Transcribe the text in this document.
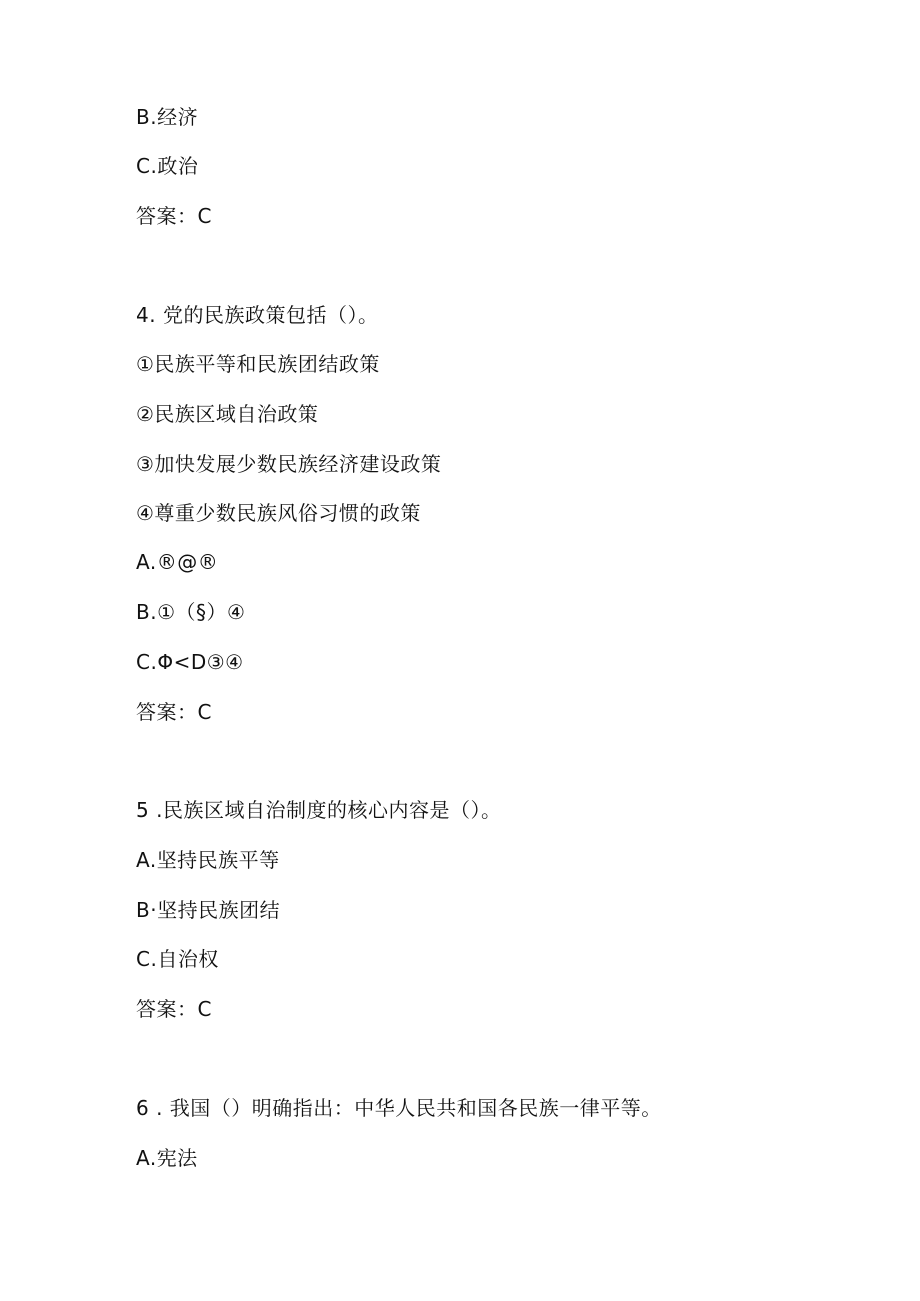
B.经济
C.政治
答案：C
4. 党的民族政策包括（）。
①民族平等和民族团结政策
②民族区域自治政策
③加快发展少数民族经济建设政策
④尊重少数民族风俗习惯的政策
A.®@®
B.①（§）④
C.Φ<D③④
答案：C
5 .民族区域自治制度的核心内容是（）。
A.坚持民族平等
B·坚持民族团结
C.自治权
答案：C
6 . 我国（）明确指出：中华人民共和国各民族一律平等。
A.宪法
